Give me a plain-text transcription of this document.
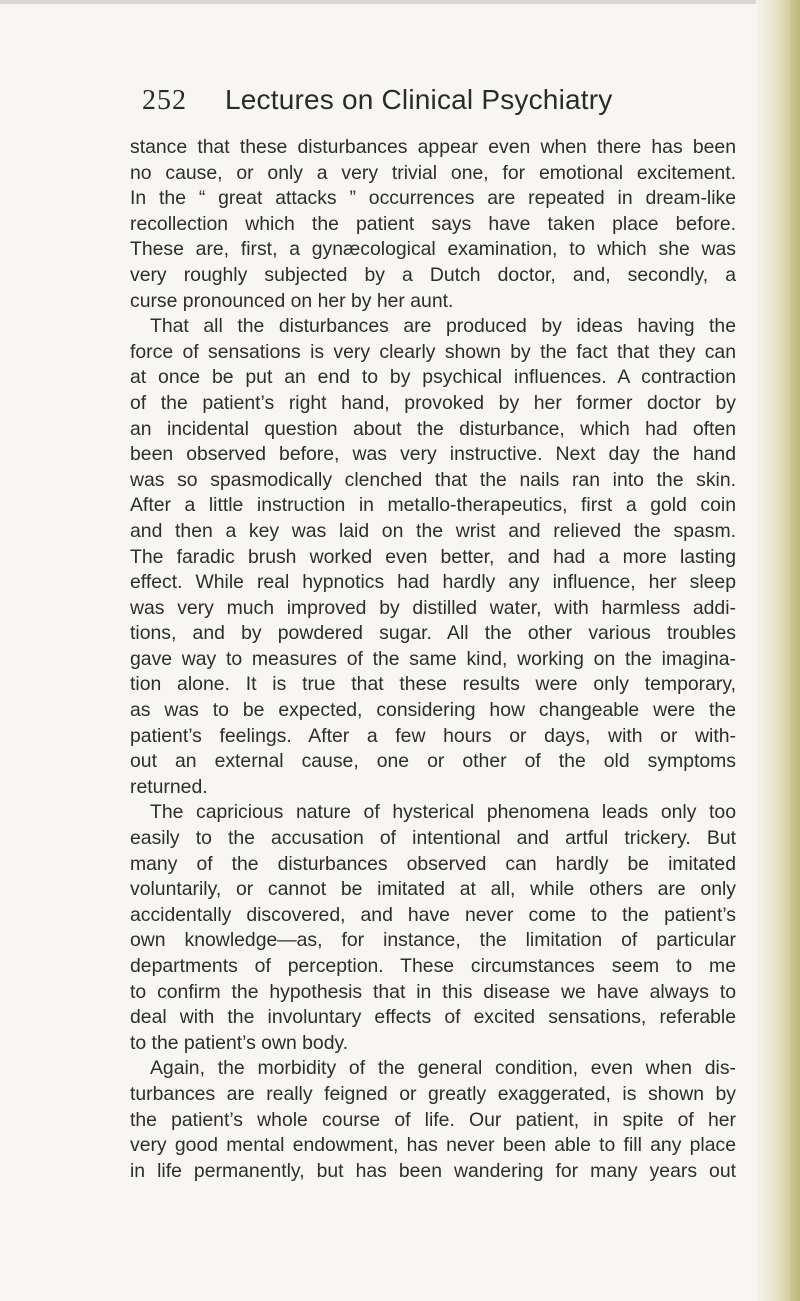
252 Lectures on Clinical Psychiatry
stance that these disturbances appear even when there has been
no cause, or only a very trivial one, for emotional excitement.
In the “ great attacks ” occurrences are repeated in dream-like
recollection which the patient says have taken place before.
These are, first, a gynæcological examination, to which she was
very roughly subjected by a Dutch doctor, and, secondly, a
curse pronounced on her by her aunt.
That all the disturbances are produced by ideas having the
force of sensations is very clearly shown by the fact that they can
at once be put an end to by psychical influences. A contraction
of the patient’s right hand, provoked by her former doctor by
an incidental question about the disturbance, which had often
been observed before, was very instructive. Next day the hand
was so spasmodically clenched that the nails ran into the skin.
After a little instruction in metallo-therapeutics, first a gold coin
and then a key was laid on the wrist and relieved the spasm.
The faradic brush worked even better, and had a more lasting
effect. While real hypnotics had hardly any influence, her sleep
was very much improved by distilled water, with harmless addi-
tions, and by powdered sugar. All the other various troubles
gave way to measures of the same kind, working on the imagina-
tion alone. It is true that these results were only temporary,
as was to be expected, considering how changeable were the
patient’s feelings. After a few hours or days, with or with-
out an external cause, one or other of the old symptoms
returned.
The capricious nature of hysterical phenomena leads only too
easily to the accusation of intentional and artful trickery. But
many of the disturbances observed can hardly be imitated
voluntarily, or cannot be imitated at all, while others are only
accidentally discovered, and have never come to the patient’s
own knowledge—as, for instance, the limitation of particular
departments of perception. These circumstances seem to me
to confirm the hypothesis that in this disease we have always to
deal with the involuntary effects of excited sensations, referable
to the patient’s own body.
Again, the morbidity of the general condition, even when dis-
turbances are really feigned or greatly exaggerated, is shown by
the patient’s whole course of life. Our patient, in spite of her
very good mental endowment, has never been able to fill any place
in life permanently, but has been wandering for many years out
